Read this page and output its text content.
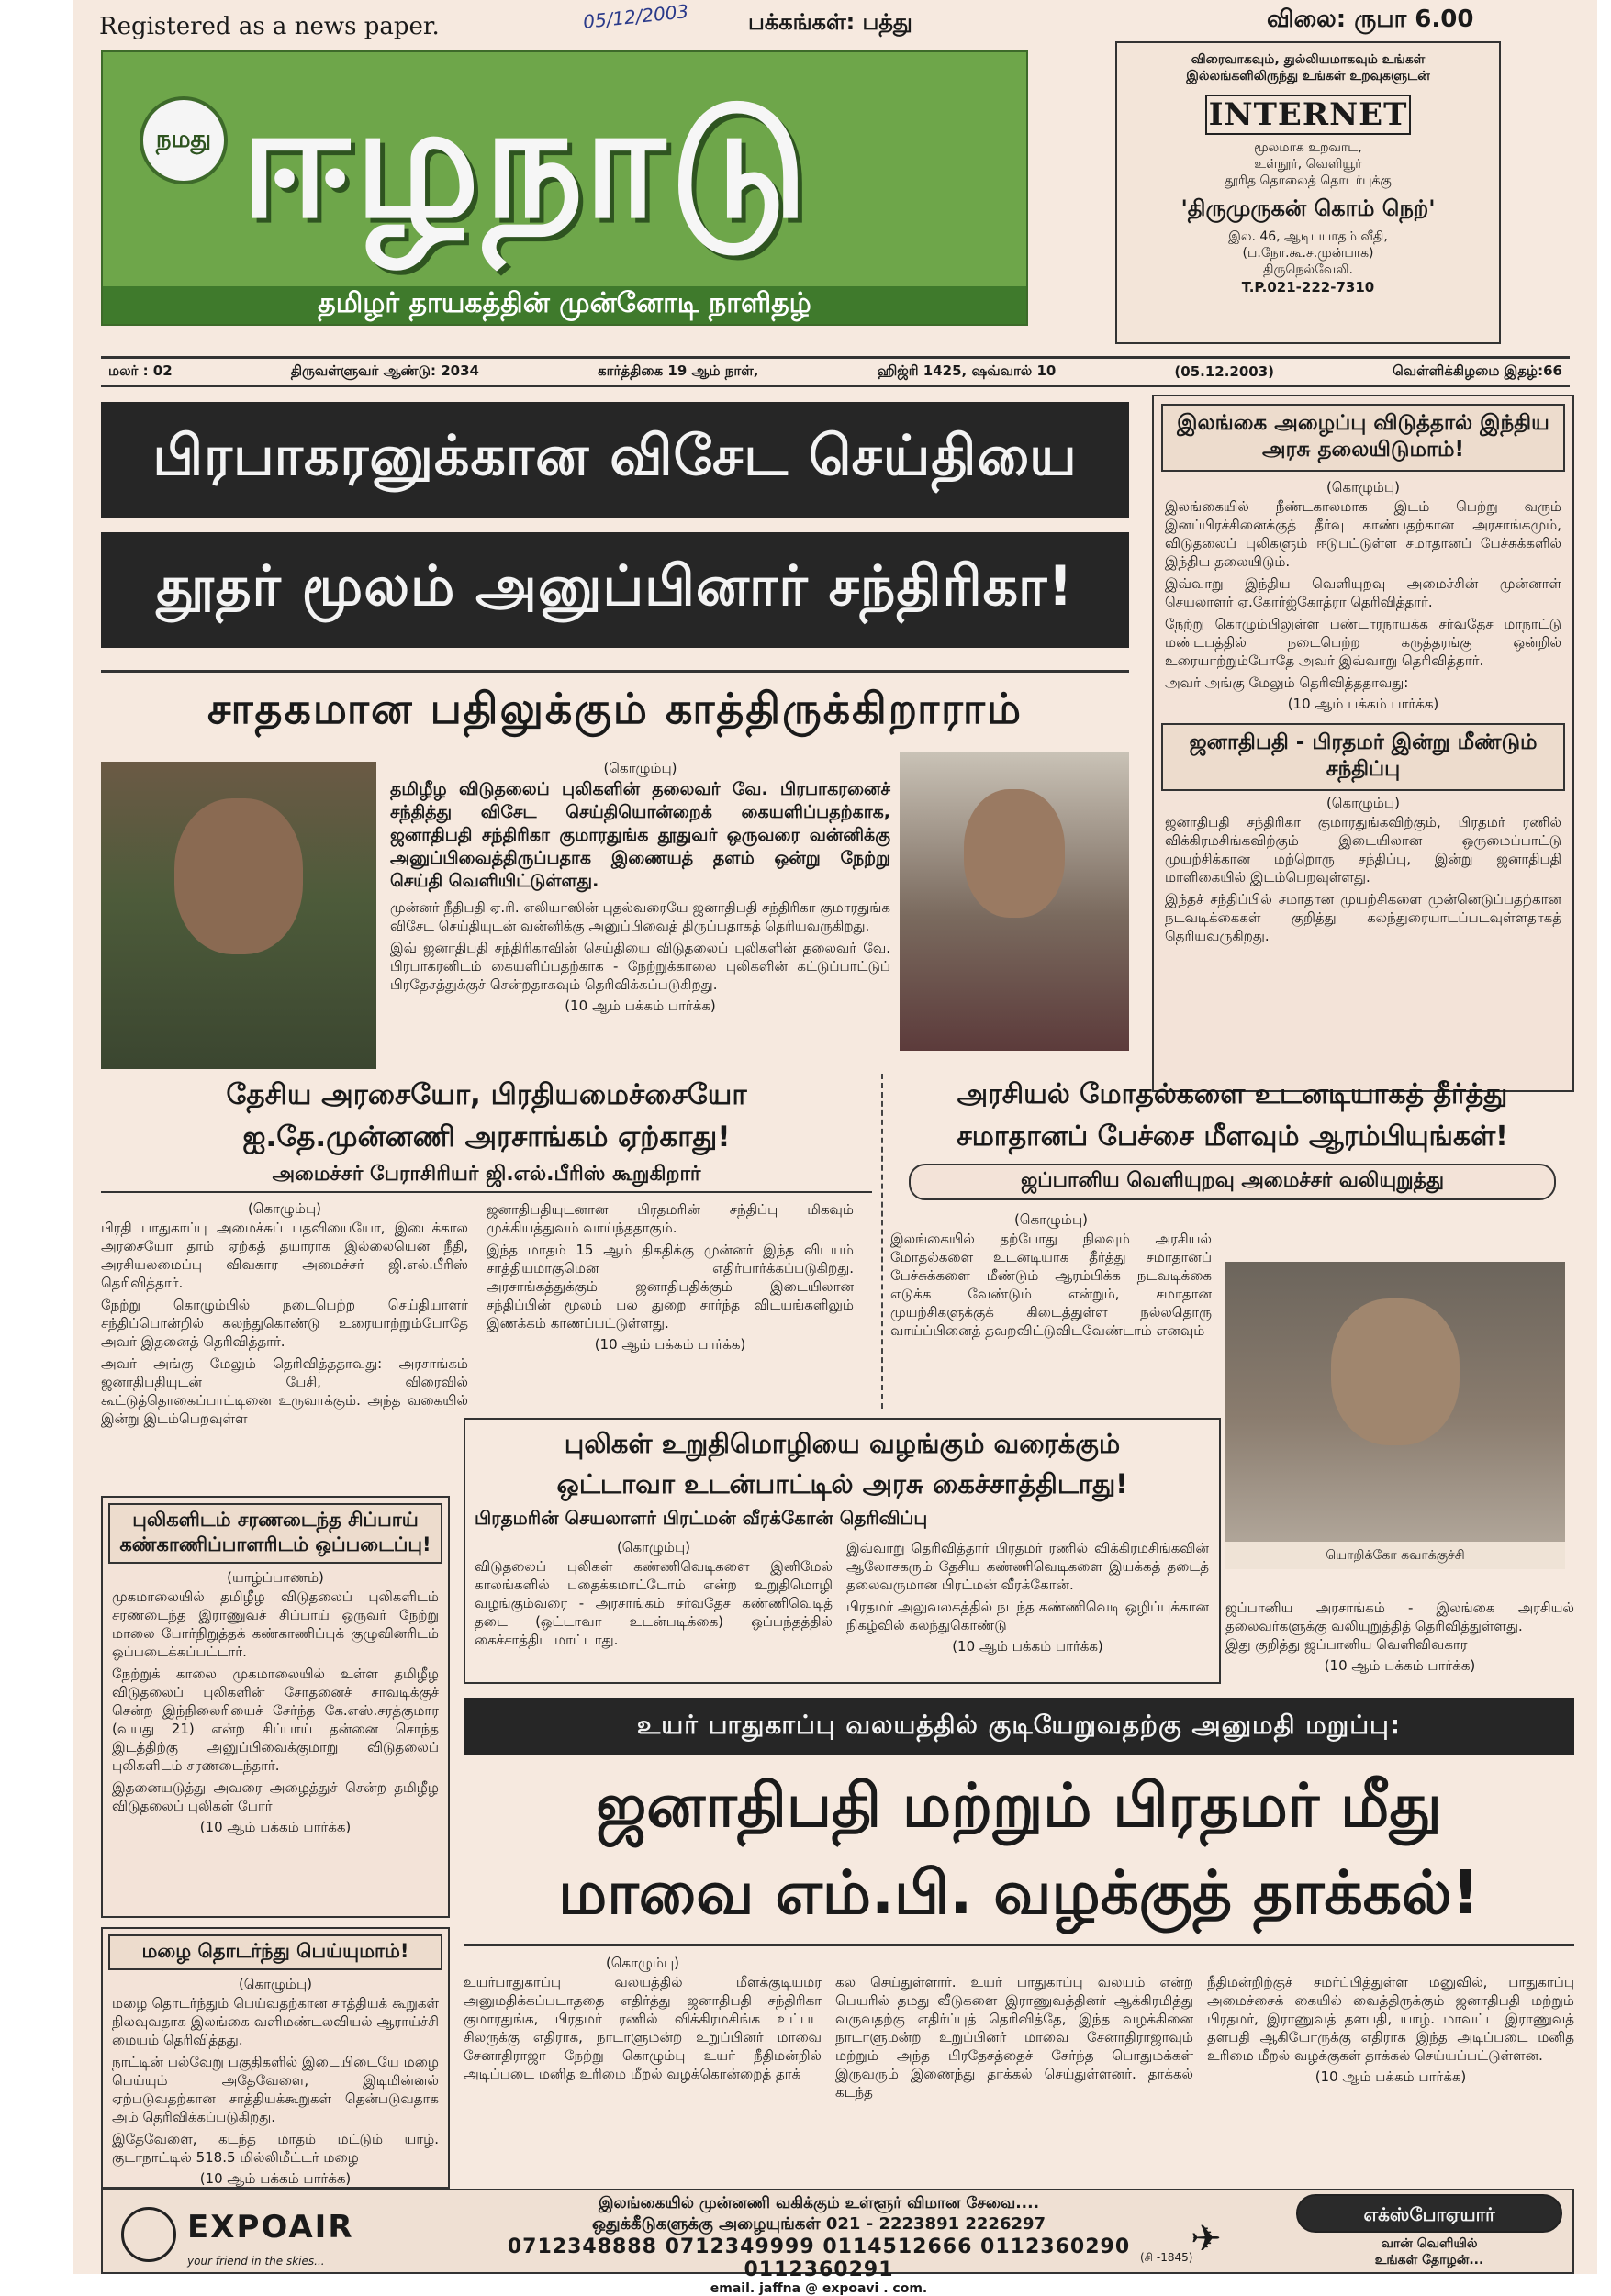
Registered as a news paper.	05/12/2003	பக்கங்கள்: பத்து	விலை: ருபா 6.00
நமது ஈழநாடு
தமிழர் தாயகத்தின் முன்னோடி நாளிதழ்
விரைவாகவும், துல்லியமாகவும் உங்கள்
இல்லங்களிலிருந்து உங்கள் உறவுகளுடன்
INTERNET
மூலமாக உறவாட,
உள்நூர், வெளியூர்
தூரித தொலைத் தொடர்புக்கு
'திருமுருகன் கொம் நெற்'
இல. 46, ஆடியபாதம் வீதி,
(ப.நோ.கூ.ச.முன்பாக)
திருநெல்வேலி.
T.P.021-222-7310
மலர் : 02	திருவள்ளுவர் ஆண்டு: 2034	கார்த்திகை 19 ஆம் நாள்,	ஹிஜ்ரி 1425, ஷவ்வால் 10	(05.12.2003)	வெள்ளிக்கிழமை இதழ்:66
பிரபாகரனுக்கான விசேட செய்தியை
தூதர் மூலம் அனுப்பினார் சந்திரிகா!
சாதகமான பதிலுக்கும் காத்திருக்கிறாராம்
(கொழும்பு)
தமிழீழ விடுதலைப் புலிகளின் தலைவர் வே. பிரபாகரனைச் சந்தித்து விசேட செய்தியொன்றைக் கையளிப்பதற்காக, ஜனாதிபதி சந்திரிகா குமாரதுங்க தூதுவர் ஒருவரை வன்னிக்கு அனுப்பிவைத்திருப்பதாக இணையத் தளம் ஒன்று நேற்று செய்தி வெளியிட்டுள்ளது.
முன்னர் நீதிபதி ஏ.ரி. எலியாஸின் புதல்வரையே ஜனாதிபதி சந்திரிகா குமாரதுங்க விசேட செய்தியுடன் வன்னிக்கு அனுப்பிவைத் திருப்பதாகத் தெரியவருகிறது.
இவ் ஜனாதிபதி சந்திரிகாவின் செய்தியை விடுதலைப் புலிகளின் தலைவர் வே. பிரபாகரனிடம் கையளிப்பதற்காக - நேற்றுக்காலை புலிகளின் கட்டுப்பாட்டுப் பிரதேசத்துக்குச் சென்றதாகவும் தெரிவிக்கப்படுகிறது.
(10 ஆம் பக்கம் பார்க்க)
இலங்கை அழைப்பு விடுத்தால் இந்திய அரசு தலையிடுமாம்!
(கொழும்பு)
இலங்கையில் நீண்டகாலமாக இடம் பெற்று வரும் இனப்பிரச்சினைக்குத் தீர்வு காண்பதற்கான அரசாங்கமும், விடுதலைப் புலிகளும் ஈடுபட்டுள்ள சமாதானப் பேச்சுக்களில் இந்திய தலையிடும்.
இவ்வாறு இந்திய வெளியுறவு அமைச்சின் முன்னாள் செயலாளர் ஏ.கோர்ஜ்கோத்ரா தெரிவித்தார்.
நேற்று கொழும்பிலுள்ள பண்டாரநாயக்க சர்வதேச மாநாட்டு மண்டபத்தில் நடைபெற்ற கருத்தரங்கு ஒன்றில் உரையாற்றும்போதே அவர் இவ்வாறு தெரிவித்தார்.
அவர் அங்கு மேலும் தெரிவித்ததாவது:
(10 ஆம் பக்கம் பார்க்க)
ஜனாதிபதி - பிரதமர் இன்று மீண்டும் சந்திப்பு
(கொழும்பு)
ஜனாதிபதி சந்திரிகா குமாரதுங்கவிற்கும், பிரதமர் ரணில் விக்கிரமசிங்கவிற்கும் இடையிலான ஒருமைப்பாட்டு முயற்சிக்கான மற்றொரு சந்திப்பு, இன்று ஜனாதிபதி மாளிகையில் இடம்பெறவுள்ளது.
இந்தச் சந்திப்பில் சமாதான முயற்சிகளை முன்னெடுப்பதற்கான நடவடிக்கைகள் குறித்து கலந்துரையாடப்படவுள்ளதாகத் தெரியவருகிறது.
தேசிய அரசையோ, பிரதியமைச்சையோ
ஐ.தே.முன்னணி அரசாங்கம் ஏற்காது!
அமைச்சர் பேராசிரியர் ஜி.எல்.பீரிஸ் கூறுகிறார்
(கொழும்பு)
பிரதி பாதுகாப்பு அமைச்சுப் பதவியையோ, இடைக்கால அரசையோ தாம் ஏற்கத் தயாராக இல்லையென நீதி, அரசியலமைப்பு விவகார அமைச்சர் ஜி.எல்.பீரிஸ் தெரிவித்தார்.
நேற்று கொழும்பில் நடைபெற்ற செய்தியாளர் சந்திப்பொன்றில் கலந்துகொண்டு உரையாற்றும்போதே அவர் இதனைத் தெரிவித்தார்.
அவர் அங்கு மேலும் தெரிவித்ததாவது: அரசாங்கம் ஜனாதிபதியுடன் பேசி, விரைவில் கூட்டுத்தொகைப்பாட்டினை உருவாக்கும். அந்த வகையில் இன்று இடம்பெறவுள்ள
ஜனாதிபதியுடனான பிரதமரின் சந்திப்பு மிகவும் முக்கியத்துவம் வாய்ந்ததாகும்.
இந்த மாதம் 15 ஆம் திகதிக்கு முன்னர் இந்த விடயம் சாத்தியமாகுமென எதிர்பார்க்கப்படுகிறது. அரசாங்கத்துக்கும் ஜனாதிபதிக்கும் இடையிலான சந்திப்பின் மூலம் பல துறை சார்ந்த விடயங்களிலும் இணக்கம் காணப்பட்டுள்ளது.
(10 ஆம் பக்கம் பார்க்க)
அரசியல் மோதல்களை உடனடியாகத் தீர்த்து
சமாதானப் பேச்சை மீளவும் ஆரம்பியுங்கள்!
ஜப்பானிய வெளியுறவு அமைச்சர் வலியுறுத்து
(கொழும்பு)
இலங்கையில் தற்போது நிலவும் அரசியல் மோதல்களை உடனடியாக தீர்த்து சமாதானப் பேச்சுக்களை மீண்டும் ஆரம்பிக்க நடவடிக்கை எடுக்க வேண்டும் என்றும், சமாதான முயற்சிகளுக்குக் கிடைத்துள்ள நல்லதொரு வாய்ப்பினைத் தவறவிட்டுவிடவேண்டாம் எனவும்
யொறிக்கோ கவாக்குச்சி
ஜப்பானிய அரசாங்கம் - இலங்கை அரசியல் தலைவர்களுக்கு வலியுறுத்தித் தெரிவித்துள்ளது.
இது குறித்து ஜப்பானிய வெளிவிவகார
(10 ஆம் பக்கம் பார்க்க)
புலிகள் உறுதிமொழியை வழங்கும் வரைக்கும்
ஒட்டாவா உடன்பாட்டில் அரசு கைச்சாத்திடாது!
பிரதமரின் செயலாளர் பிரட்மன் வீரக்கோன் தெரிவிப்பு
(கொழும்பு)
விடுதலைப் புலிகள் கண்ணிவெடிகளை இனிமேல் காலங்களில் புதைக்கமாட்டோம் என்ற உறுதிமொழி வழங்கும்வரை - அரசாங்கம் சர்வதேச கண்ணிவெடித் தடை (ஒட்டாவா உடன்படிக்கை) ஒப்பந்தத்தில் கைச்சாத்திட மாட்டாது.
இவ்வாறு தெரிவித்தார் பிரதமர் ரணில் விக்கிரமசிங்கவின் ஆலோசகரும் தேசிய கண்ணிவெடிகளை இயக்கத் தடைத் தலைவருமான பிரட்மன் வீரக்கோன்.
பிரதமர் அலுவலகத்தில் நடந்த கண்ணிவெடி ஒழிப்புக்கான நிகழ்வில் கலந்துகொண்டு
(10 ஆம் பக்கம் பார்க்க)
புலிகளிடம் சரணடைந்த சிப்பாய் கண்காணிப்பாளரிடம் ஒப்படைப்பு!
(யாழ்ப்பாணம்)
முகமாலையில் தமிழீழ விடுதலைப் புலிகளிடம் சரணடைந்த இராணுவச் சிப்பாய் ஒருவர் நேற்று மாலை போர்நிறுத்தக் கண்காணிப்புக் குழுவினரிடம் ஒப்படைக்கப்பட்டார்.
நேற்றுக் காலை முகமாலையில் உள்ள தமிழீழ விடுதலைப் புலிகளின் சோதனைச் சாவடிக்குச் சென்ற இந்நிலைரியைச் சேர்ந்த கே.எஸ்.சரத்குமார (வயது 21) என்ற சிப்பாய் தன்னை சொந்த இடத்திற்கு அனுப்பிவைக்குமாறு விடுதலைப் புலிகளிடம் சரணடைந்தார்.
இதனையடுத்து அவரை அழைத்துச் சென்ற தமிழீழ விடுதலைப் புலிகள் போர்
(10 ஆம் பக்கம் பார்க்க)
மழை தொடர்ந்து பெய்யுமாம்!
(கொழும்பு)
மழை தொடர்ந்தும் பெய்வதற்கான சாத்தியக் கூறுகள் நிலவுவதாக இலங்கை வளிமண்டலவியல் ஆராய்ச்சி மையம் தெரிவித்தது.
நாட்டின் பல்வேறு பகுதிகளில் இடையிடையே மழை பெய்யும் அதேவேளை, இடிமின்னல் ஏற்படுவதற்கான சாத்தியக்கூறுகள் தென்படுவதாக அம் தெரிவிக்கப்படுகிறது.
இதேவேளை, கடந்த மாதம் மட்டும் யாழ். குடாநாட்டில் 518.5 மில்லிமீட்டர் மழை
(10 ஆம் பக்கம் பார்க்க)
உயர் பாதுகாப்பு வலயத்தில் குடியேறுவதற்கு அனுமதி மறுப்பு:
ஜனாதிபதி மற்றும் பிரதமர் மீது
மாவை எம்.பி. வழக்குத் தாக்கல்!
(கொழும்பு)
உயர்பாதுகாப்பு வலயத்தில் மீளக்குடியமர அனுமதிக்கப்படாததை எதிர்த்து ஜனாதிபதி சந்திரிகா குமாரதுங்க, பிரதமர் ரணில் விக்கிரமசிங்க உட்பட சிலருக்கு எதிராக, நாடாளுமன்ற உறுப்பினர் மாவை சேனாதிராஜா நேற்று கொழும்பு உயர் நீதிமன்றில் அடிப்படை மனித உரிமை மீறல் வழக்கொன்றைத் தாக்
கல செய்துள்ளார். உயர் பாதுகாப்பு வலயம் என்ற பெயரில் தமது வீடுகளை இராணுவத்தினர் ஆக்கிரமித்து வருவதற்கு எதிர்ப்புத் தெரிவித்தே, இந்த வழக்கினை நாடாளுமன்ற உறுப்பினர் மாவை சேனாதிராஜாவும் மற்றும் அந்த பிரதேசத்தைச் சேர்ந்த பொதுமக்கள் இருவரும் இணைந்து தாக்கல் செய்துள்ளனர். தாக்கல் கடந்த
நீதிமன்றிற்குச் சமர்ப்பித்துள்ள மனுவில், பாதுகாப்பு அமைச்சைக் கையில் வைத்திருக்கும் ஜனாதிபதி மற்றும் பிரதமர், இராணுவத் தளபதி, யாழ். மாவட்ட இராணுவத் தளபதி ஆகியோருக்கு எதிராக இந்த அடிப்படை மனித உரிமை மீறல் வழக்குகள் தாக்கல் செய்யப்பட்டுள்ளன.
(10 ஆம் பக்கம் பார்க்க)
EXPOAIR
your friend in the skies...
இலங்கையில் முன்னணி வகிக்கும் உள்ளூர் விமான சேவை....
ஒதுக்கீடுகளுக்கு அழையுங்கள் 021 - 2223891 2226297
0712348888 0712349999 0114512666 0112360290 0112360291
email. jaffna @ expoavi . com.
(சி -1845)
✈
எக்ஸ்போஏயார்
வான் வெளியில்
உங்கள் தோழன்...
